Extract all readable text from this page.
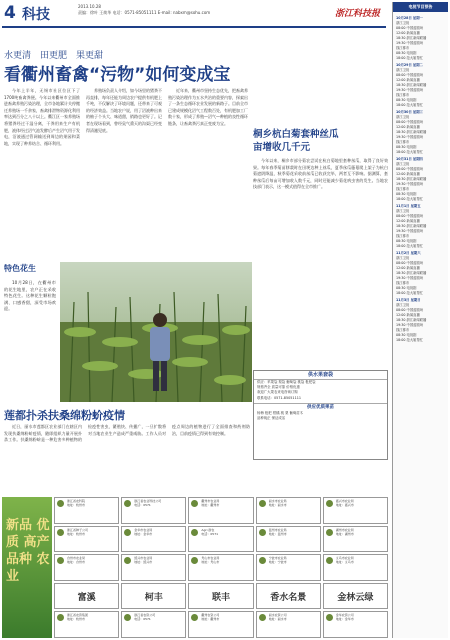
4 科技
2013.10.28
责编：徐叶 王焕华 电话：0571-85051111 E-mail: nabxm@sohu.com	浙江科技报
电视节目预告
10月28日 星期一
浙江卫视
08:00 中国蓝剧场
12:00 新闻直播
18:30 浙江新闻联播
19:30 中国蓝剧场
钱江都市
08:30 电视剧
18:00 范大姐帮忙
10月29日 星期二
浙江卫视
08:00 中国蓝剧场
12:00 新闻直播
18:30 浙江新闻联播
19:30 中国蓝剧场
钱江都市
08:30 电视剧
18:00 范大姐帮忙
10月30日 星期三
浙江卫视
08:00 中国蓝剧场
12:00 新闻直播
18:30 浙江新闻联播
19:30 中国蓝剧场
钱江都市
08:30 电视剧
18:00 范大姐帮忙
10月31日 星期四
浙江卫视
08:00 中国蓝剧场
12:00 新闻直播
18:30 浙江新闻联播
19:30 中国蓝剧场
钱江都市
08:30 电视剧
18:00 范大姐帮忙
11月1日 星期五
浙江卫视
08:00 中国蓝剧场
12:00 新闻直播
18:30 浙江新闻联播
19:30 中国蓝剧场
钱江都市
08:30 电视剧
18:00 范大姐帮忙
11月2日 星期六
浙江卫视
08:00 中国蓝剧场
12:00 新闻直播
18:30 浙江新闻联播
19:30 中国蓝剧场
钱江都市
08:30 电视剧
18:00 范大姐帮忙
11月3日 星期日
浙江卫视
08:00 中国蓝剧场
12:00 新闻直播
18:30 浙江新闻联播
19:30 中国蓝剧场
钱江都市
08:30 电视剧
18:00 范大姐帮忙
水更清　田更肥　果更甜
看衢州畜禽“污物”如何变成宝

今年上半年，无锡市社区位区下了1700吨畜禽粪便。今年以来衢州市全面推进畜禽养殖污染治理，全市各地累计关停搬迁养殖场一千余家，畜禽排泄物资源化利用率达到百分之八十以上。衢江区一家养殖场将猪粪经过干湿分离，干粪用来生产有机肥，液体经过沼气池发酵后产生沼气用于发电，沼液通过管网输送到周边的果园和菜地，实现了种养结合、循环利用。

养殖场负责人介绍，如今场里的猪粪不再直排，每年还能为周边农户提供有机肥上千吨，不仅解决了环境问题，还带来了可观的经济效益。当地农户说，用了沼液种出来的柚子个头大、味道甜，销路也更好了。记者在现场看到，曾经臭气熏天的沟渠已经变得清澈见底。

近年来，衢州市坚持生态优先，把畜禽养殖污染治理作为五水共治的重要内容，探索出了一条生态循环农业发展的新路子。目前全市已建成规模化沼气工程数百处，有机肥加工厂数十家，形成了养殖—沼气—种植的良性循环链条，让畜禽粪污真正变废为宝。

特色花生

10月28日，在衢州市的花生地里，农户正在采收特色花生。这种花生颗粒饱满、口感香甜，深受市场欢迎。

桐乡杭白菊套种丝瓜
亩增收几千元

今年以来，桐乡市部分菊农尝试在杭白菊地里套种丝瓜，取得了良好效果。每年春季菊苗移栽时在田埂边种上丝瓜，夏季丝瓜藤蔓爬上架子为杭白菊遮阴降温，秋季菊花采收前丝瓜已收获完毕，两者互不影响。据测算，套种丝瓜后每亩可增加收入数千元，同时还能减少菊花病虫害的发生。当地农技部门表示，这一模式值得在全市推广。

供水果套袋
供应：苹果袋 梨袋 葡萄袋 桃袋 枇杷袋
规格齐全 质量可靠 价格优惠
欢迎广大果农来电咨询订购
联系电话：0571-85051111
供应优质果苗
杨梅 枇杷 柑橘 桃 梨 葡萄苗木
品种纯正 保证成活
莲都扑杀扶桑绵粉蚧疫情

近日，丽水市莲都区农业部门在辖区内发现扶桑绵粉蚧疫情，随即组织力量开展扑杀工作。扶桑绵粉蚧是一种危害多种植物的检疫性害虫，繁殖快、传播广，一旦扩散将对当地农业生产造成严重威胁。工作人员对疫点周边的植物进行了全面排查和药剂防治，目前疫情已得到有效控制。

新品 优质 高产 品种 农业
浙江省农科院
地址：杭州市
浙江省农业科技公司
电话：0571
衢州市农业局
地址：衢州市
丽水市农业局
地址：丽水市
嘉兴市农业局
地址：嘉兴市
浙江省种子公司
地址：杭州市
金华市农业局
地址：金华市
Agri 浙农
电话：0571
温州市农业局
地址：温州市
湖州市农业局
地址：湖州市
台州市农业局
地址：台州市
绍兴市农业局
地址：绍兴市
舟山市农业局
地址：舟山市
宁波市农业局
地址：宁波市
义乌市农业局
地址：义乌市
富溪	柯丰	联丰	香水名景	金林云绿
浙江省农资集团
地址：杭州市
浙江省农资公司
电话：0571
衢州农资公司
地址：衢州市
丽水农资公司
地址：丽水市
金华农资公司
地址：金华市
